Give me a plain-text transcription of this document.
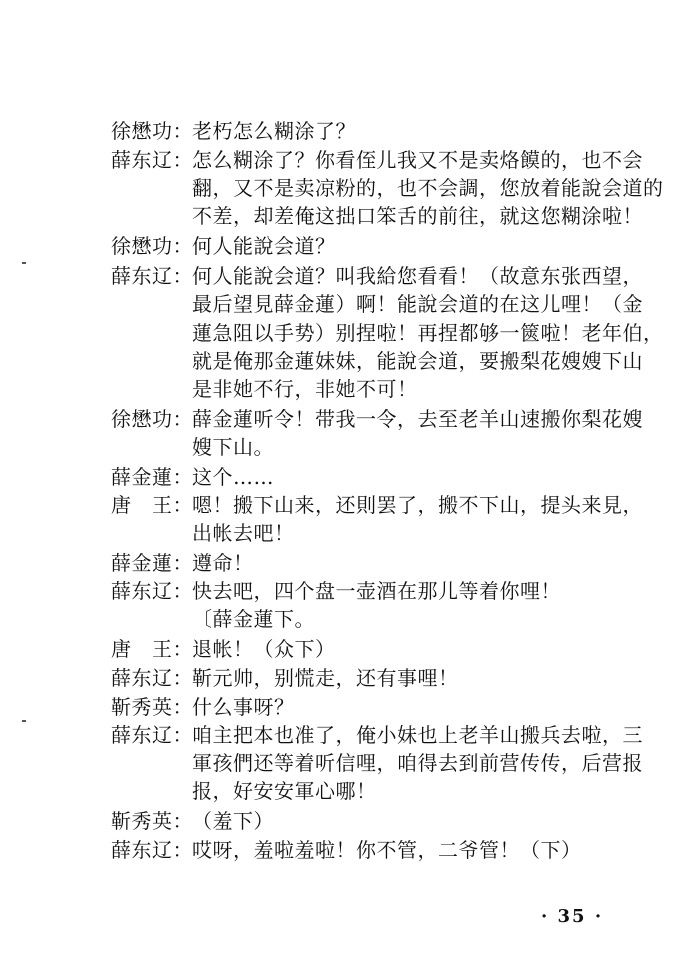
徐懋功： 老朽怎么糊涂了？
薛东辽： 怎么糊涂了？你看侄儿我又不是卖烙饃的，也不会
翻，又不是卖凉粉的，也不会調，您放着能說会道的
不差，却差俺这拙口笨舌的前往，就这您糊涂啦！
徐懋功： 何人能說会道？
薛东辽： 何人能說会道？叫我給您看看！（故意东张西望，
最后望見薛金蓮）啊！能說会道的在这儿哩！（金
蓮急阻以手势）别捏啦！再捏都够一篋啦！老年伯，
就是俺那金蓮妹妹，能說会道，要搬梨花嫂嫂下山
是非她不行，非她不可！
徐懋功： 薛金蓮听令！带我一令，去至老羊山速搬你梨花嫂
嫂下山。
薛金蓮： 这个……
唐　王： 嗯！搬下山来，还則罢了，搬不下山，提头来見，
出帐去吧！
薛金蓮： 遵命！
薛东辽： 快去吧，四个盘一壶酒在那儿等着你哩！
〔薛金蓮下。
唐　王： 退帐！（众下）
薛东辽： 靳元帅，别慌走，还有事哩！
靳秀英： 什么事呀？
薛东辽： 咱主把本也准了，俺小妹也上老羊山搬兵去啦，三
軍孩們还等着听信哩，咱得去到前营传传，后营报
报，好安安軍心哪！
靳秀英： （羞下）
薛东辽： 哎呀，羞啦羞啦！你不管，二爷管！（下）
· 35 ·
